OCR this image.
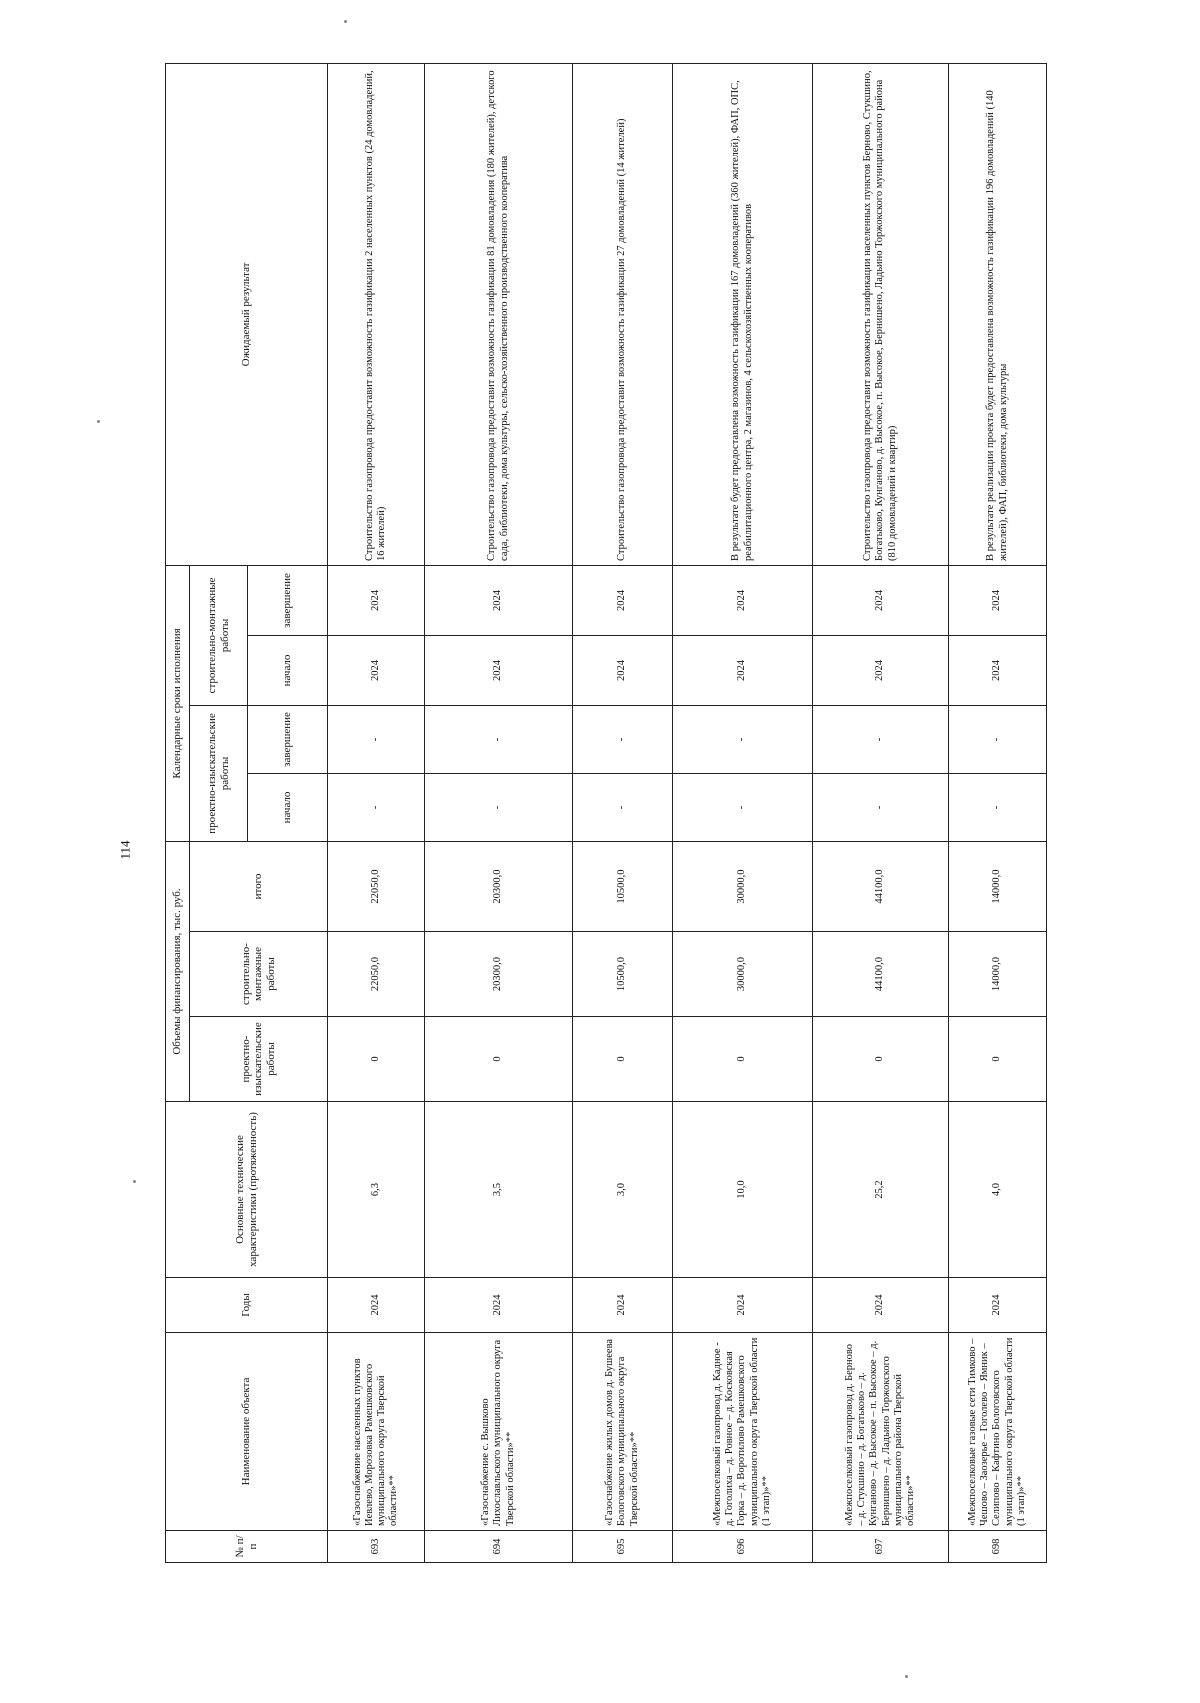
114
№ п/п	Наименование объекта	Годы	Основные технические характеристики (протяженность)	Объемы финансирования, тыс. руб.			Календарные сроки исполнения				Ожидаемый результат
				проектно-изыскательские работы	строительно-монтажные работы	итого	проектно-изыскательские работы		строительно-монтажные работы		
							начало	завершение	начало	завершение	
693	«Газоснабжение населенных пунктов Иевлево, Морозовка Рамешковского муниципального округа Тверской области»**	2024	6,3	0	22050,0	22050,0	-	-	2024	2024	Строительство газопровода предоставит возможность газификации 2 населенных пунктов (24 домовладений, 16 жителей)
694	«Газоснабжение с. Вышково Лихославльского муниципального округа Тверской области»**	2024	3,5	0	20300,0	20300,0	-	-	2024	2024	Строительство газопровода предоставит возможность газификации 81 домовладения (180 жителей), детского сада, библиотеки, дома культуры, сельско-хозяйственного производственного кооператива
695	«Газоснабжение жилых домов д. Бушеева Бологовского муниципального округа Тверской области»**	2024	3,0	0	10500,0	10500,0	-	-	2024	2024	Строительство газопровода предоставит возможность газификации 27 домовладений (14 жителей)
696	«Межпоселковый газопровод д. Кадное - д. Гоголиха – д. Ровное – д. Косковская Горка – д. Воротилово Рамешковского муниципального округа Тверской области (1 этап)»**	2024	10,0	0	30000,0	30000,0	-	-	2024	2024	В результате будет предоставлена возможность газификации 167 домовладений (360 жителей), ФАП, ОПС, реабилитационного центра, 2 магазинов, 4 сельскохозяйственных кооперативов
697	«Межпоселковый газопровод д. Берново – д. Стукшино – д. Богатьково – д. Кунганово – д. Высокое – п. Высокое – д. Бернишено – д. Ладьино Торжокского муниципального района Тверской области»**	2024	25,2	0	44100,0	44100,0	-	-	2024	2024	Строительство газопровода предоставит возможность газификации населенных пунктов Берново, Стукшино, Богатьково, Кунганово, д. Высокое, п. Высокое, Бернишено, Ладьино Торжокского муниципального района (810 домовладений и квартир)
698	«Межпоселковые газовые сети Тимково – Чешово – Заозерье – Гоголево – Ямник – Селипово – Кафтино Бологовского муниципального округа Тверской области (1 этап)»**	2024	4,0	0	14000,0	14000,0	-	-	2024	2024	В результате реализации проекта будет предоставлена возможность газификации 196 домовладений (140 жителей), ФАП, библиотеки, дома культуры
